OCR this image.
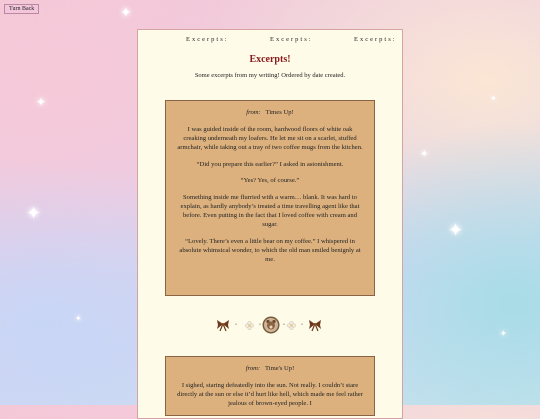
✦
✦
✦
✦
✦
✦
✦
✦
Turn Back
Excerpts:	Excerpts:	Excerpts:
Excerpts!
Some excerpts from my writing! Ordered by date created.

from: Times Up!

I was guided inside of the room, hardwood floors of white oak creaking underneath my loafers. He let me sit on a scarlet, stuffed armchair, while taking out a tray of two coffee mugs from the kitchen.

“Did you prepare this earlier?” I asked in astonishment.

“Yes? Yes, of course.”

Something inside me flurried with a warm… blank. It was hard to explain, as hardly anybody’s treated a time travelling agent like that before. Even putting in the fact that I loved coffee with cream and sugar.

“Lovely. There’s even a little bear on my coffee.” I whispered in absolute whimsical wonder, to which the old man smiled benignly at me.

•	•	•	•

from: Time's Up!

I sighed, staring defeatedly into the sun. Not really. I couldn’t stare directly at the sun or else it’d hurt like hell, which made me feel rather jealous of brown-eyed people. I
